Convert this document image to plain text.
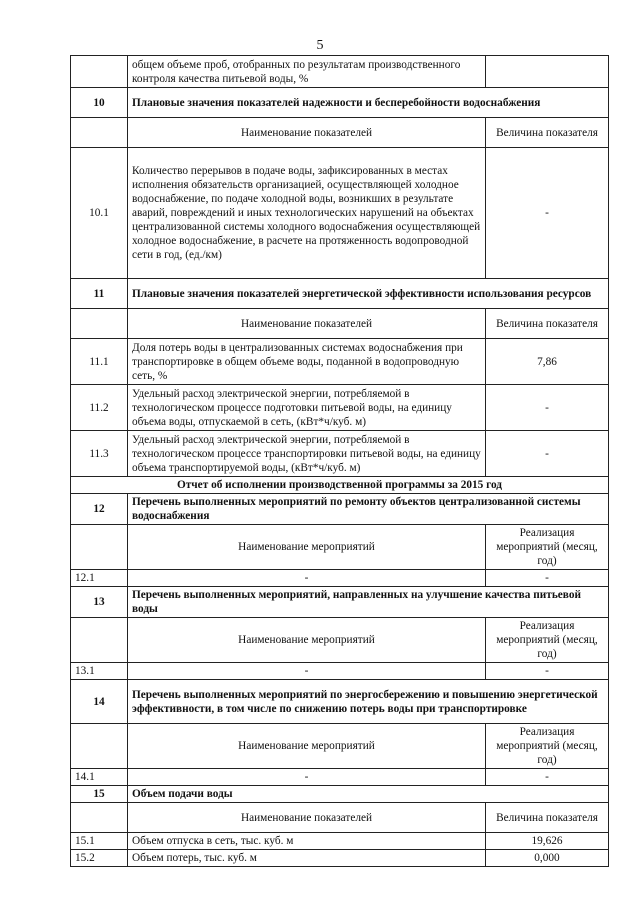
5
	общем объеме проб, отобранных по результатам производственного контроля качества питьевой воды, %	
10	Плановые значения показателей надежности и бесперебойности водоснабжения	
	Наименование показателей	Величина показателя
10.1	Количество перерывов в подаче воды, зафиксированных в местах исполнения обязательств организацией, осуществляющей холодное водоснабжение, по подаче холодной воды, возникших в результате аварий, повреждений и иных технологических нарушений на объектах централизованной системы холодного водоснабжения осуществляющей холодное водоснабжение, в расчете на протяженность водопроводной сети в год, (ед./км)	-
11	Плановые значения показателей энергетической эффективности использования ресурсов	
	Наименование показателей	Величина показателя
11.1	Доля потерь воды в централизованных системах водоснабжения при транспортировке в общем объеме воды, поданной в водопроводную сеть, %	7,86
11.2	Удельный расход электрической энергии, потребляемой в технологическом процессе подготовки питьевой воды, на единицу объема воды, отпускаемой в сеть, (кВт*ч/куб. м)	-
11.3	Удельный расход электрической энергии, потребляемой в технологическом процессе транспортировки питьевой воды, на единицу объема транспортируемой воды, (кВт*ч/куб. м)	-
Отчет об исполнении производственной программы за 2015 год		
12	Перечень выполненных мероприятий по ремонту объектов централизованной системы водоснабжения	
	Наименование мероприятий	Реализация мероприятий (месяц, год)
12.1	-	-
13	Перечень выполненных мероприятий, направленных на улучшение качества питьевой воды	
	Наименование мероприятий	Реализация мероприятий (месяц, год)
13.1	-	-
14	Перечень выполненных мероприятий по энергосбережению и повышению энергетической эффективности, в том числе по снижению потерь воды при транспортировке	
	Наименование мероприятий	Реализация мероприятий (месяц, год)
14.1	-	-
15	Объем подачи воды	
	Наименование показателей	Величина показателя
15.1	Объем отпуска в сеть, тыс. куб. м	19,626
15.2	Объем потерь, тыс. куб. м	0,000
